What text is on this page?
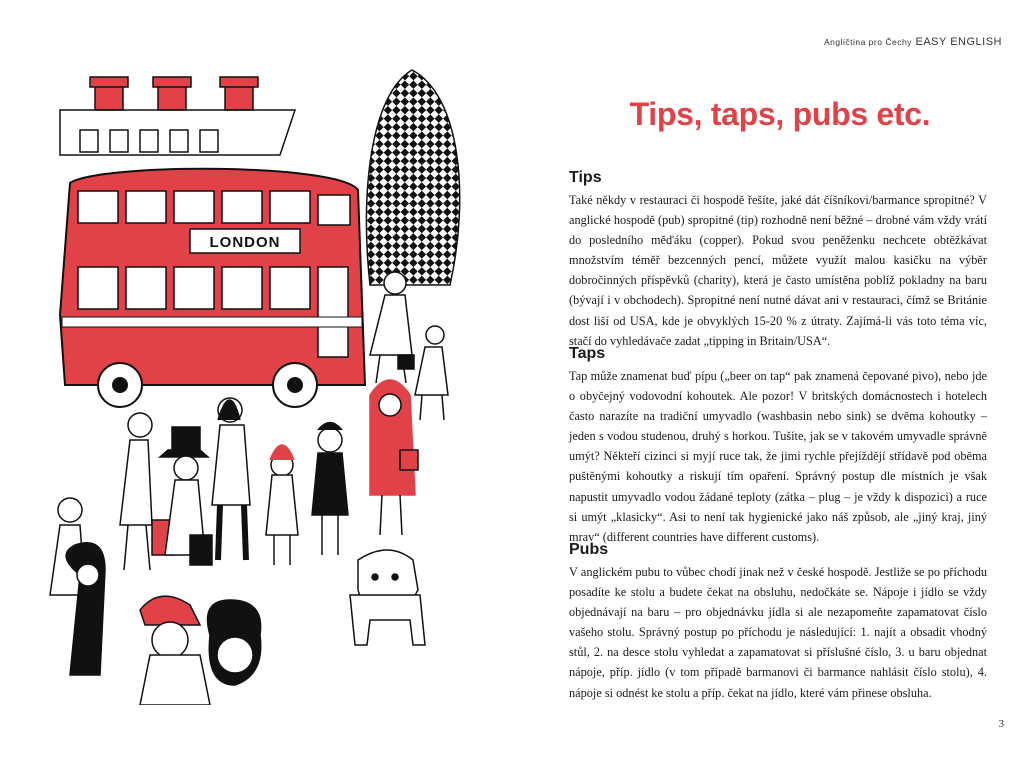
Angličtina pro Čechy EASY ENGLISH
LONDON
Tips, taps, pubs etc.
Tips

Také někdy v restauraci či hospodě řešíte, jaké dát číšníkovi/barmance spropitné? V anglické hospodě (pub) spropitné (tip) rozhodně není běžné – drobné vám vždy vrátí do posledního měďáku (copper). Pokud svou peněženku nechcete obtěžkávat množstvím téměř bezcenných pencí, můžete využít malou kasičku na výběr dobročinných příspěvků (charity), která je často umístěna poblíž pokladny na baru (bývají i v obchodech). Spropitné není nutné dávat ani v restauraci, čímž se Británie dost liší od USA, kde je obvyklých 15-20 % z útraty. Zajímá-li vás toto téma víc, stačí do vyhledávače zadat „tipping in Britain/USA“.

Taps

Tap může znamenat buď pípu („beer on tap“ pak znamená čepované pivo), nebo jde o obyčejný vodovodní kohoutek. Ale pozor! V britských domácnostech i hotelech často narazíte na tradiční umyvadlo (washbasin nebo sink) se dvěma kohoutky – jeden s vodou studenou, druhý s horkou. Tušíte, jak se v takovém umyvadle správně umýt? Někteří cizinci si myjí ruce tak, že jimi rychle přejíždějí střídavě pod oběma puštěnými kohoutky a riskují tím opaření. Správný postup dle místních je však napustit umyvadlo vodou žádané teploty (zátka – plug – je vždy k dispozici) a ruce si umýt „klasicky“. Asi to není tak hygienické jako náš způsob, ale „jiný kraj, jiný mrav“ (different countries have different customs).

Pubs

V anglickém pubu to vůbec chodí jinak než v české hospodě. Jestliže se po příchodu posadíte ke stolu a budete čekat na obsluhu, nedočkáte se. Nápoje i jídlo se vždy objednávají na baru – pro objednávku jídla si ale nezapomeňte zapamatovat číslo vašeho stolu. Správný postup po příchodu je následující: 1. najít a obsadit vhodný stůl, 2. na desce stolu vyhledat a zapamatovat si příslušné číslo, 3. u baru objednat nápoje, příp. jídlo (v tom případě barmanovi či barmance nahlásit číslo stolu), 4. nápoje si odnést ke stolu a příp. čekat na jídlo, které vám přinese obsluha.

3
